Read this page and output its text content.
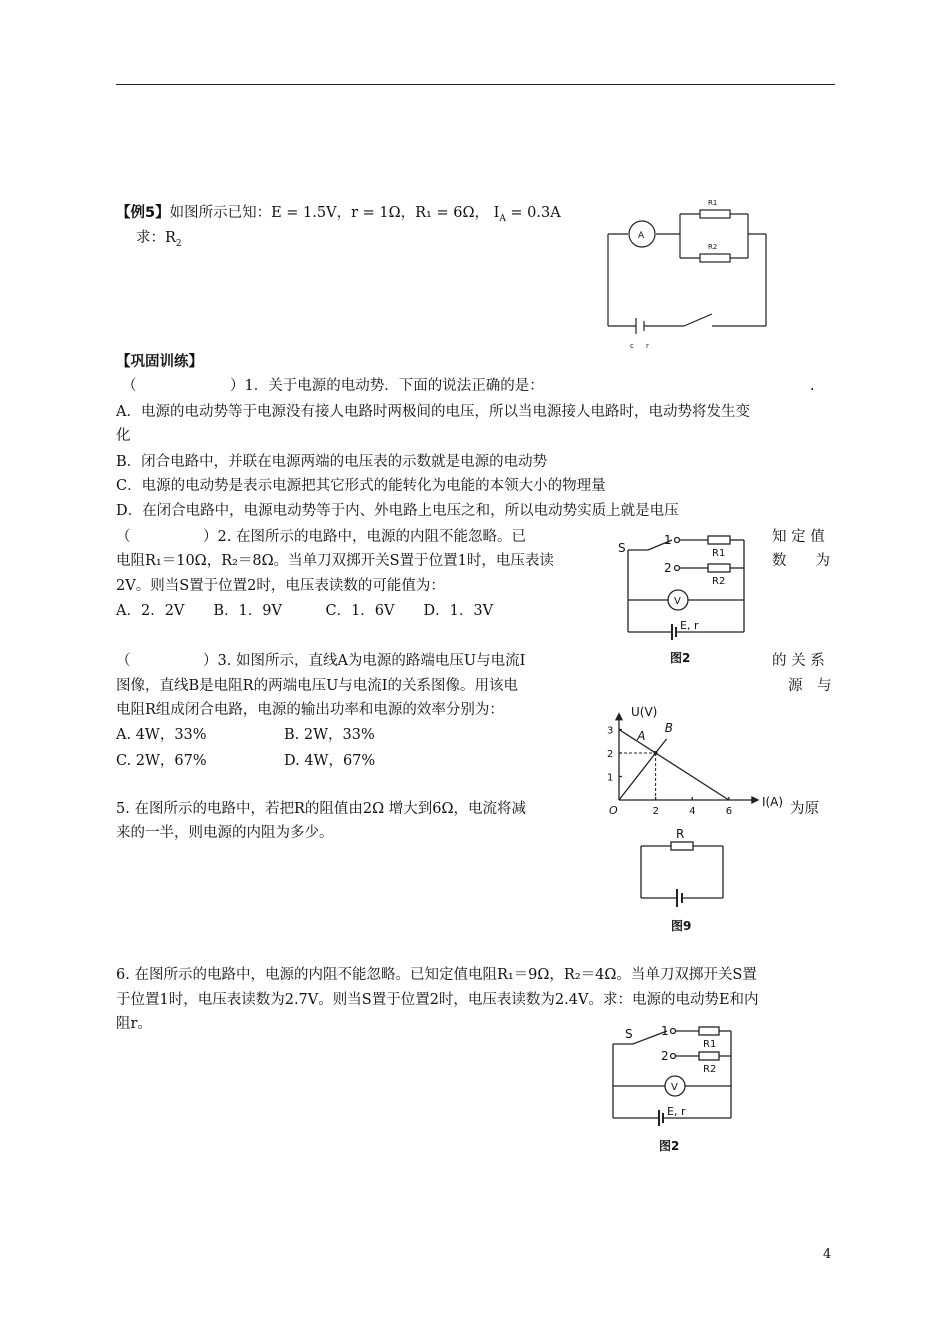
【例5】如图所示已知：E = 1.5V，r = 1Ω，R₁ = 6Ω， $I_A = 0.3A$
求：$R_2$
A
R1
R2
c r
【巩固训练】
（	）1．关于电源的电动势．下面的说法正确的是：	.
A．电源的电动势等于电源没有接人电路时两极间的电压，所以当电源接人电路时，电动势将发生变
化
B．闭合电路中，并联在电源两端的电压表的示数就是电源的电动势
C．电源的电动势是表示电源把其它形式的能转化为电能的本领大小的物理量
D．在闭合电路中，电源电动势等于内、外电路上电压之和，所以电动势实质上就是电压
（　　　　　）2. 在图所示的电路中，电源的内阻不能忽略。已	知 定 值
电阻R₁＝10Ω，R₂＝8Ω。当单刀双掷开关S置于位置1时，电压表读	数　　为
2V。则当S置于位置2时，电压表读数的可能值为：
A．2．2V　　B．1．9V　　　C．1．6V　　D．1．3V
S
1
2
R1
R2
V
E, r
图2
（　　　　　）3. 如图所示，直线A为电源的路端电压U与电流I	的 关 系
图像，直线B是电阻R的两端电压U与电流I的关系图像。用该电	源　与
电阻R组成闭合电路，电源的输出功率和电源的效率分别为：
A. 4W，33%	B. 2W，33%
C. 2W，67%	D. 4W，67%
2	4	6
1
2
3
O
I(A)
U(V)
A
B
5. 在图所示的电路中，若把R的阻值由2Ω 增大到6Ω，电流将减	为原
来的一半，则电源的内阻为多少。	R
图9
6. 在图所示的电路中，电源的内阻不能忽略。已知定值电阻R₁＝9Ω，R₂＝4Ω。当单刀双掷开关S置
于位置1时，电压表读数为2.7V。则当S置于位置2时，电压表读数为2.4V。求：电源的电动势E和内
阻r。
S 1
2
R1
R2
V
E, r
图2
4
